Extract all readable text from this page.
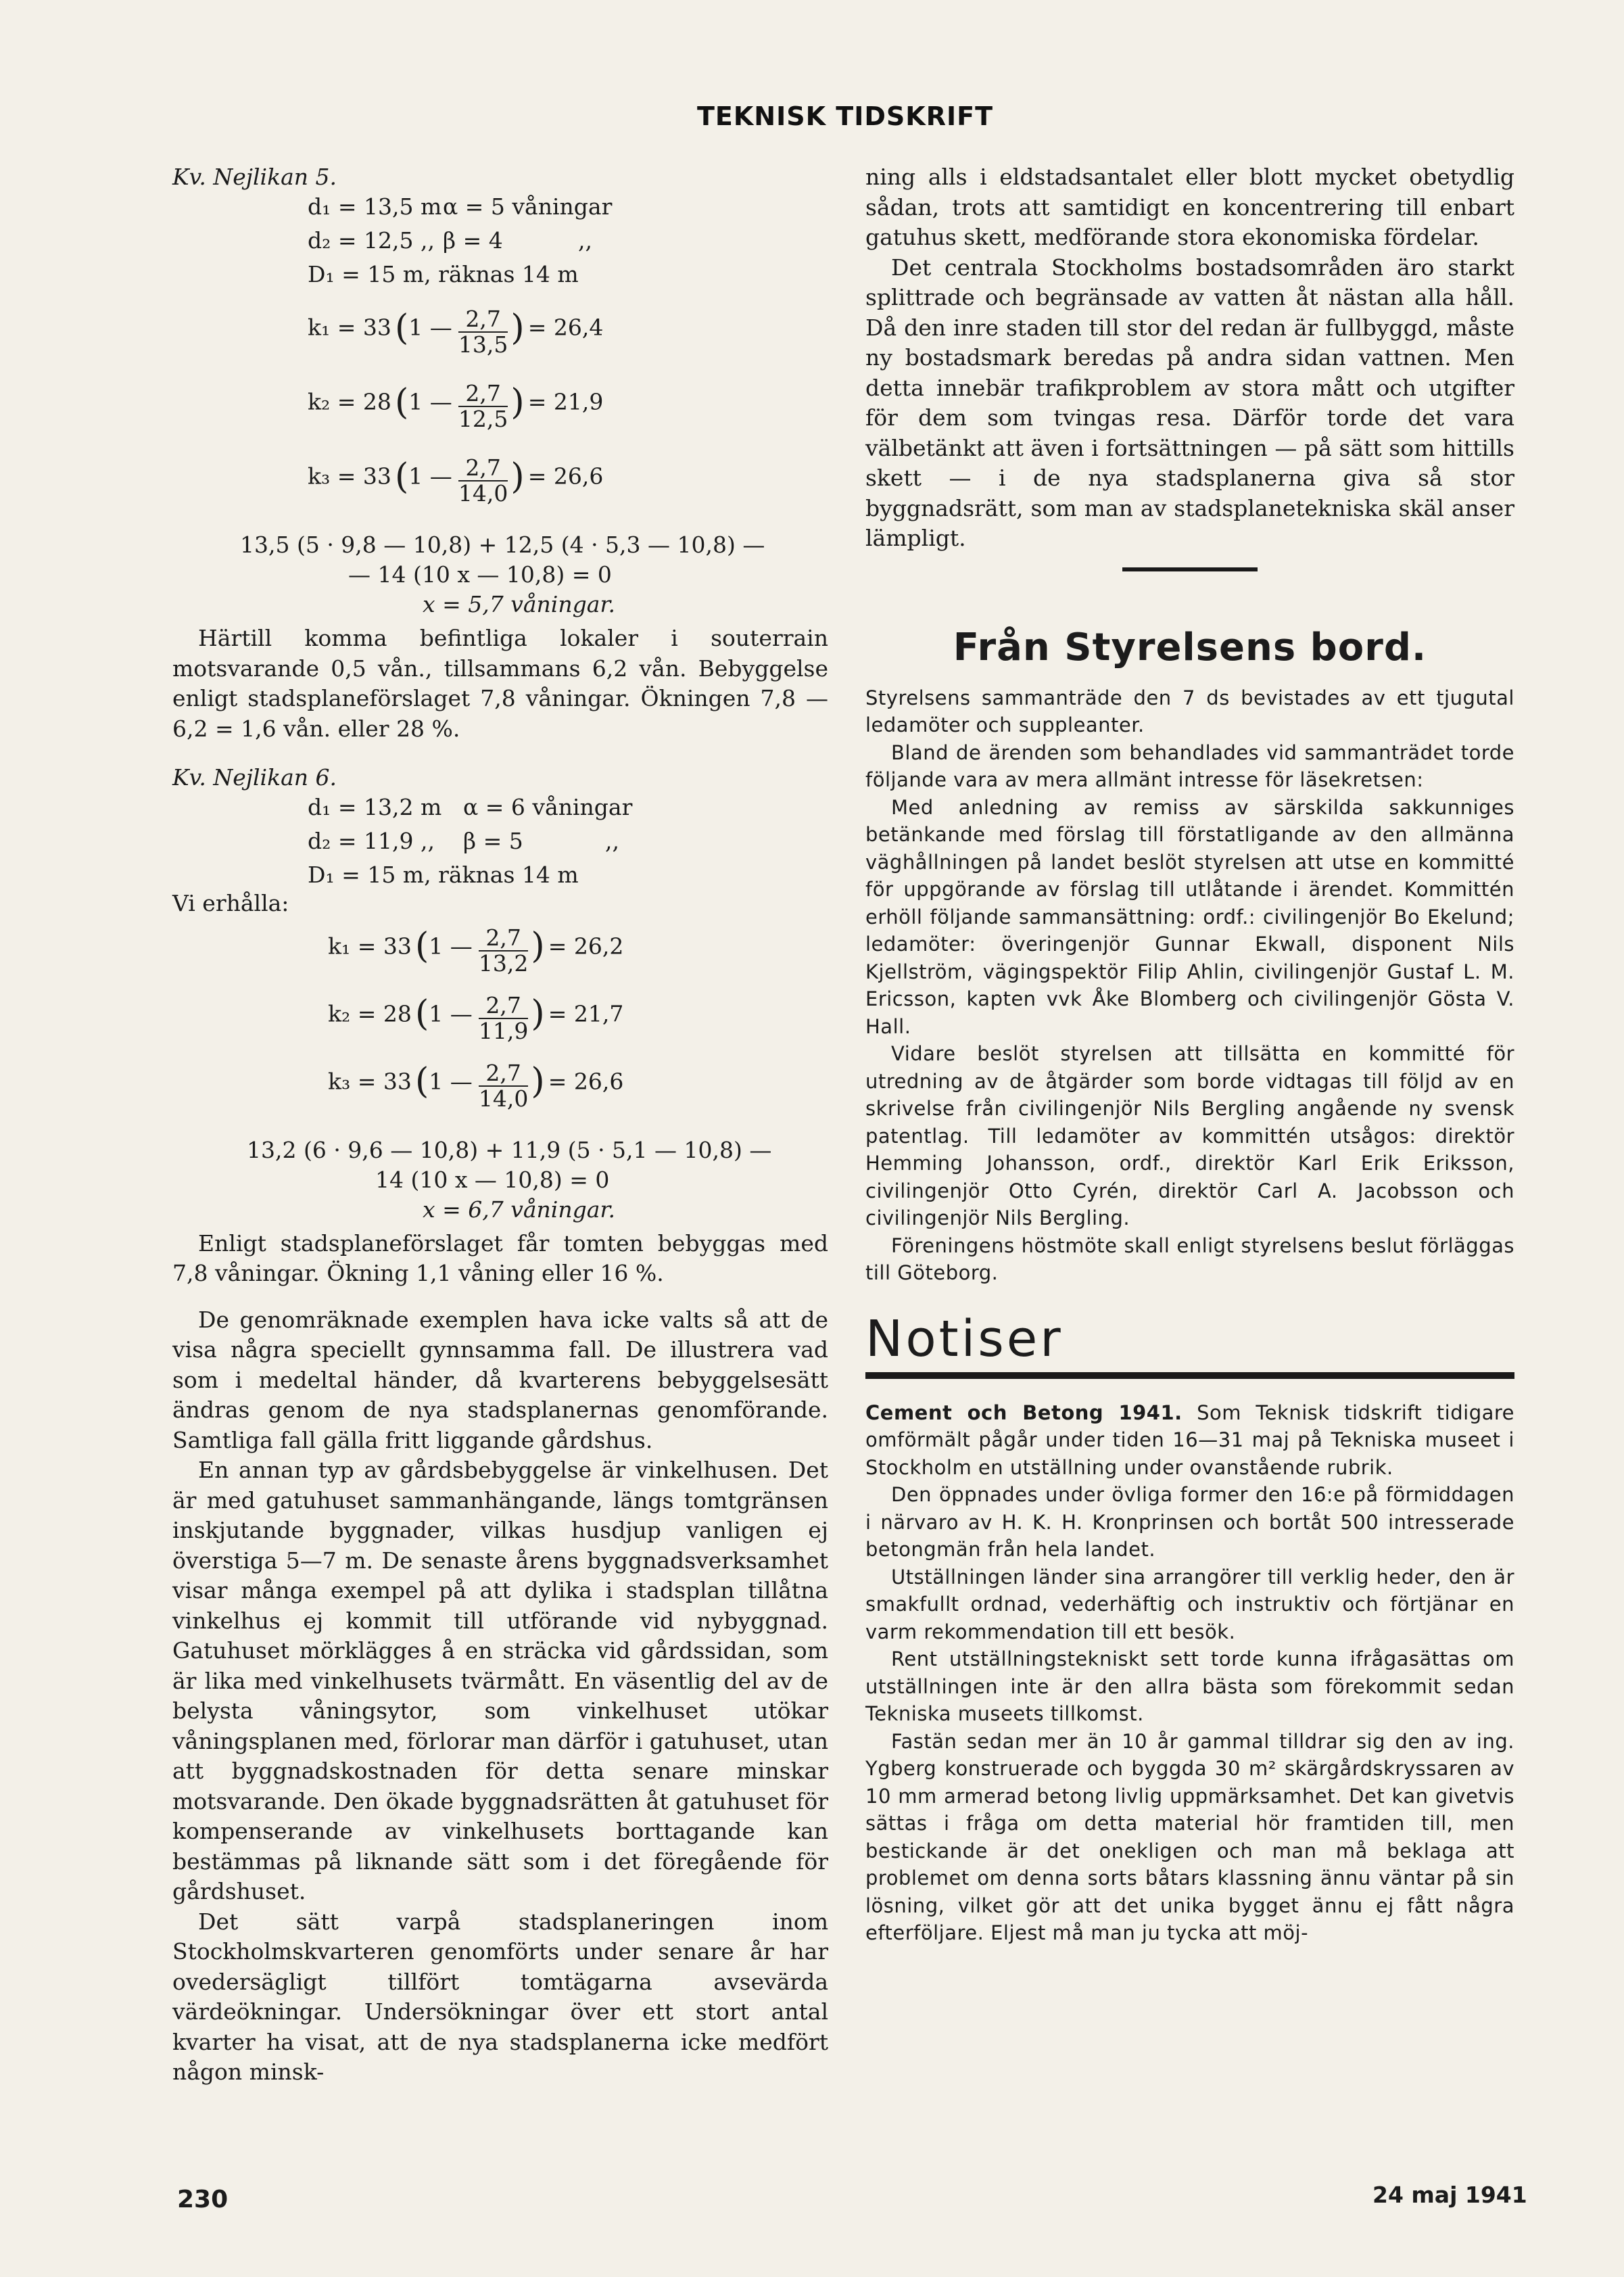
TEKNISK TIDSKRIFT

Kv. Nejlikan 5.

d₁ = 13,5 m α = 5 våningar
d₂ = 12,5 ,, β = 4	,,
D₁ = 15 m, räknas 14 m
k₁ = 33 (1 — $\frac{2,7}{13,5}$ ) = 26,4
k₂ = 28 (1 — $\frac{2,7}{12,5}$ ) = 21,9
k₃ = 33 (1 — $\frac{2,7}{14,0}$ ) = 26,6
13,5 (5 · 9,8 — 10,8) + 12,5 (4 · 5,3 — 10,8) —
— 14 (10 x — 10,8) = 0
x = 5,7 våningar.

Härtill komma befintliga lokaler i souterrain motsvarande 0,5 vån., tillsammans 6,2 vån. Bebyggelse enligt stadsplaneförslaget 7,8 våningar. Ökningen 7,8 — 6,2 = 1,6 vån. eller 28 %.

Kv. Nejlikan 6.

d₁ = 13,2 m α = 6 våningar
d₂ = 11,9 ,, β = 5	,,
D₁ = 15 m, räknas 14 m
Vi erhålla:
k₁ = 33 (1 — $\frac{2,7}{13,2}$ ) = 26,2
k₂ = 28 (1 — $\frac{2,7}{11,9}$ ) = 21,7
k₃ = 33 (1 — $\frac{2,7}{14,0}$ ) = 26,6
13,2 (6 · 9,6 — 10,8) + 11,9 (5 · 5,1 — 10,8) —
14 (10 x — 10,8) = 0
x = 6,7 våningar.

Enligt stadsplaneförslaget får tomten bebyggas med 7,8 våningar. Ökning 1,1 våning eller 16 %.

De genomräknade exemplen hava icke valts så att de visa några speciellt gynnsamma fall. De illustrera vad som i medeltal händer, då kvarterens bebyggelsesätt ändras genom de nya stadsplanernas genomförande. Samtliga fall gälla fritt liggande gårdshus.

En annan typ av gårdsbebyggelse är vinkelhusen. Det är med gatuhuset sammanhängande, längs tomtgränsen inskjutande byggnader, vilkas husdjup vanligen ej överstiga 5—7 m. De senaste årens byggnadsverksamhet visar många exempel på att dylika i stadsplan tillåtna vinkelhus ej kommit till utförande vid nybyggnad. Gatuhuset mörklägges å en sträcka vid gårdssidan, som är lika med vinkelhusets tvärmått. En väsentlig del av de belysta våningsytor, som vinkelhuset utökar våningsplanen med, förlorar man därför i gatuhuset, utan att byggnadskostnaden för detta senare minskar motsvarande. Den ökade byggnadsrätten åt gatuhuset för kompenserande av vinkelhusets borttagande kan bestämmas på liknande sätt som i det föregående för gårdshuset.

Det sätt varpå stadsplaneringen inom Stockholmskvarteren genomförts under senare år har ovedersägligt tillfört tomtägarna avsevärda värdeökningar. Undersökningar över ett stort antal kvarter ha visat, att de nya stadsplanerna icke medfört någon minsk-

ning alls i eldstadsantalet eller blott mycket obetydlig sådan, trots att samtidigt en koncentrering till enbart gatuhus skett, medförande stora ekonomiska fördelar.

Det centrala Stockholms bostadsområden äro starkt splittrade och begränsade av vatten åt nästan alla håll. Då den inre staden till stor del redan är fullbyggd, måste ny bostadsmark beredas på andra sidan vattnen. Men detta innebär trafikproblem av stora mått och utgifter för dem som tvingas resa. Därför torde det vara välbetänkt att även i fortsättningen — på sätt som hittills skett — i de nya stadsplanerna giva så stor byggnadsrätt, som man av stadsplanetekniska skäl anser lämpligt.

Från Styrelsens bord.

Styrelsens sammanträde den 7 ds bevistades av ett tjugutal ledamöter och suppleanter.

Bland de ärenden som behandlades vid sammanträdet torde följande vara av mera allmänt intresse för läsekretsen:

Med anledning av remiss av särskilda sakkunniges betänkande med förslag till förstatligande av den allmänna väghållningen på landet beslöt styrelsen att utse en kommitté för uppgörande av förslag till utlåtande i ärendet. Kommittén erhöll följande sammansättning: ordf.: civilingenjör Bo Ekelund; ledamöter: överingenjör Gunnar Ekwall, disponent Nils Kjellström, vägingspektör Filip Ahlin, civilingenjör Gustaf L. M. Ericsson, kapten vvk Åke Blomberg och civilingenjör Gösta V. Hall.

Vidare beslöt styrelsen att tillsätta en kommitté för utredning av de åtgärder som borde vidtagas till följd av en skrivelse från civilingenjör Nils Bergling angående ny svensk patentlag. Till ledamöter av kommittén utsågos: direktör Hemming Johansson, ordf., direktör Karl Erik Eriksson, civilingenjör Otto Cyrén, direktör Carl A. Jacobsson och civilingenjör Nils Bergling.

Föreningens höstmöte skall enligt styrelsens beslut förläggas till Göteborg.

Notiser

Cement och Betong 1941. Som Teknisk tidskrift tidigare omförmält pågår under tiden 16—31 maj på Tekniska museet i Stockholm en utställning under ovanstående rubrik.

Den öppnades under övliga former den 16:e på förmiddagen i närvaro av H. K. H. Kronprinsen och bortåt 500 intresserade betongmän från hela landet.

Utställningen länder sina arrangörer till verklig heder, den är smakfullt ordnad, vederhäftig och instruktiv och förtjänar en varm rekommendation till ett besök.

Rent utställningstekniskt sett torde kunna ifrågasättas om utställningen inte är den allra bästa som förekommit sedan Tekniska museets tillkomst.

Fastän sedan mer än 10 år gammal tilldrar sig den av ing. Ygberg konstruerade och byggda 30 m² skärgårdskryssaren av 10 mm armerad betong livlig uppmärksamhet. Det kan givetvis sättas i fråga om detta material hör framtiden till, men bestickande är det onekligen och man må beklaga att problemet om denna sorts båtars klassning ännu väntar på sin lösning, vilket gör att det unika bygget ännu ej fått några efterföljare. Eljest må man ju tycka att möj-

230	24 maj 1941
